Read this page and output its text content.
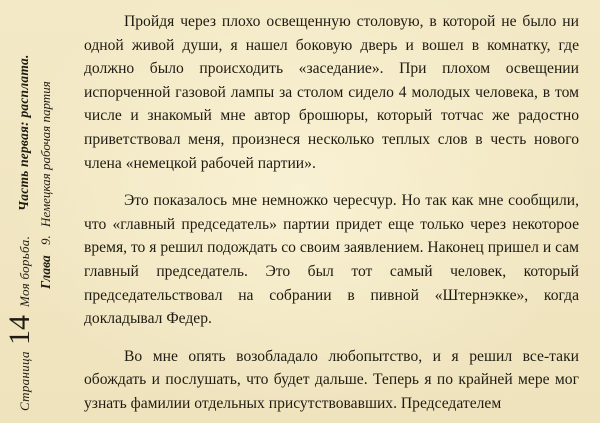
Страница
14
Моя борьба.
Часть первая: расплата.
Глава
9.
Немецкая рабочая партия

Пройдя через плохо освещенную столовую, в которой не было ни одной живой души, я нашел боковую дверь и вошел в комнатку, где должно было происходить «заседание». При плохом освещении испорченной газовой лампы за столом сидело 4 молодых человека, в том числе и знакомый мне автор брошюры, который тотчас же радостно приветствовал меня, произнеся несколько теплых слов в честь нового члена «немецкой рабочей партии».

Это показалось мне немножко чересчур. Но так как мне сообщили, что «главный председатель» партии придет еще только через некоторое время, то я решил подождать со своим заявлением. Наконец пришел и сам главный председатель. Это был тот самый человек, который председательствовал на собрании в пивной «Штернэкке», когда докладывал Федер.

Во мне опять возобладало любопытство, и я решил все-таки обождать и послушать, что будет дальше. Теперь я по крайней мере мог узнать фамилии отдельных присутствовавших. Председателем
